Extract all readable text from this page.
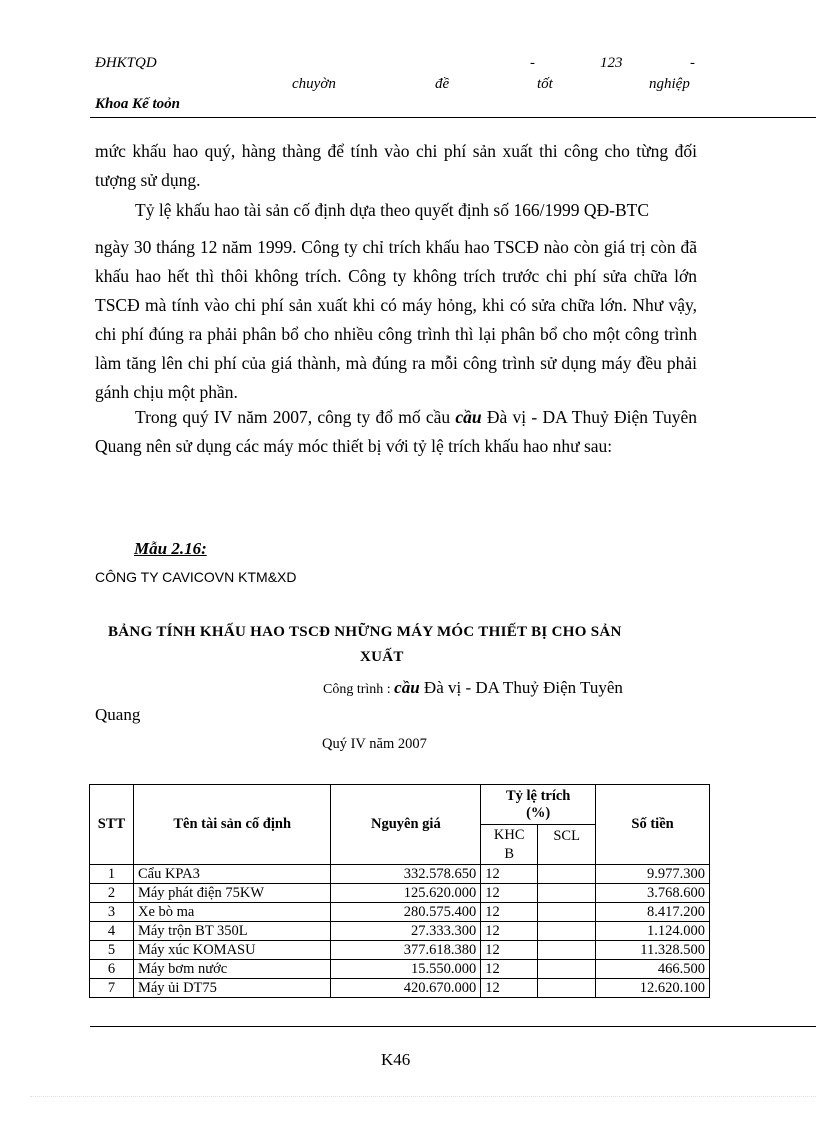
ĐHKTQD	-	123	-
chuyờn	đề	tốt	nghiệp
Khoa Kế toỏn
mức khấu hao quý, hàng thàng để tính vào chi phí sản xuất thi công cho từng đối tượng sử dụng.
Tỷ lệ khấu hao tài sản cố định dựa theo quyết định số 166/1999 QĐ-BTC
ngày 30 tháng 12 năm 1999. Công ty chỉ trích khấu hao TSCĐ nào còn giá trị còn đã khấu hao hết thì thôi không trích. Công ty không trích trước chi phí sửa chữa lớn TSCĐ mà tính vào chi phí sản xuất khi có máy hỏng, khi có sửa chữa lớn. Như vậy, chi phí đúng ra phải phân bổ cho nhiều công trình thì lại phân bổ cho một công trình làm tăng lên chi phí của giá thành, mà đúng ra mỗi công trình sử dụng máy đều phải gánh chịu một phần.
Trong quý IV năm 2007, công ty đổ mố cầu cầu Đà vị - DA Thuỷ Điện Tuyên Quang nên sử dụng các máy móc thiết bị với tỷ lệ trích khấu hao như sau:
Mẫu 2.16:
CÔNG TY CAVICOVN KTM&XD
BẢNG TÍNH KHẤU HAO TSCĐ NHỮNG MÁY MÓC THIẾT BỊ CHO SẢN
XUẤT
Công trình : cầu Đà vị - DA Thuỷ Điện Tuyên
Quang
Quý IV năm 2007
STT	Tên tài sản cố định	Nguyên giá	Tỷ lệ trích (%)		Số tiền
			KHC B	SCL	
1	Cẩu KPA3	332.578.650	12		9.977.300
2	Máy phát điện 75KW	125.620.000	12		3.768.600
3	Xe bò ma	280.575.400	12		8.417.200
4	Máy trộn BT 350L	27.333.300	12		1.124.000
5	Máy xúc KOMASU	377.618.380	12		11.328.500
6	Máy bơm nước	15.550.000	12		466.500
7	Máy ủi DT75	420.670.000	12		12.620.100
K46
